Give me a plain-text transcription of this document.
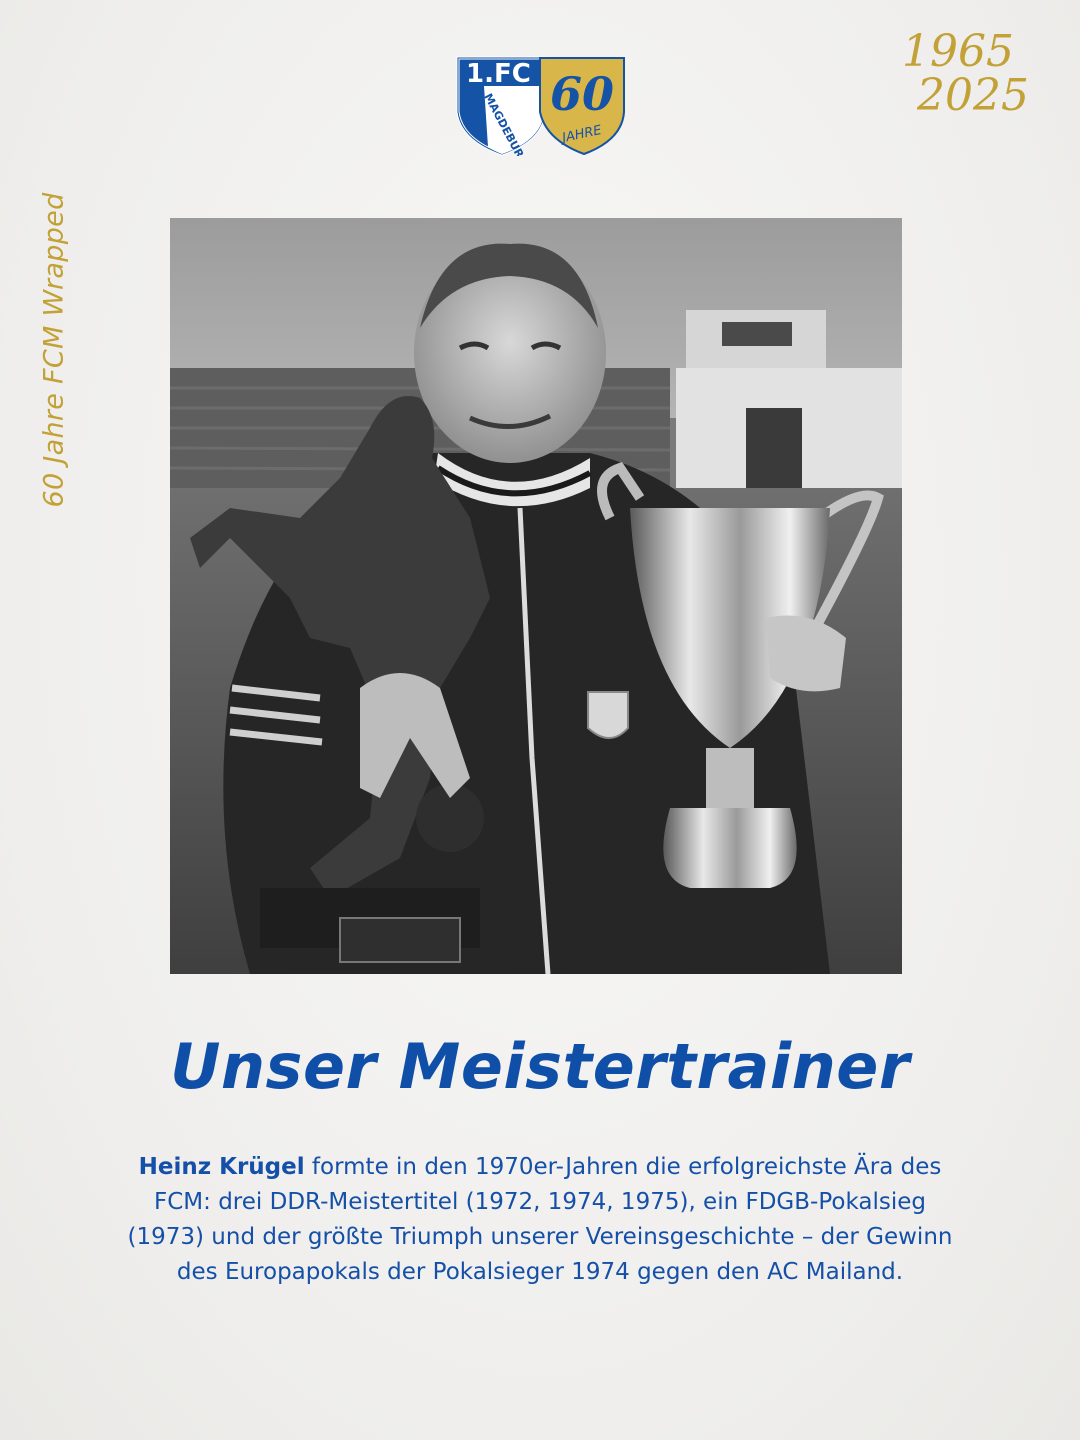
60 Jahre FCM Wrapped
1965
2025
1.FC
MAGDEBURG 60
JAHRE
Unser Meistertrainer
Heinz Krügel formte in den 1970er-Jahren die erfolgreichste Ära des FCM: drei DDR-Meistertitel (1972, 1974, 1975), ein FDGB-Pokalsieg (1973) und der größte Triumph unserer Vereinsgeschichte – der Gewinn des Europapokals der Pokalsieger 1974 gegen den AC Mailand.
